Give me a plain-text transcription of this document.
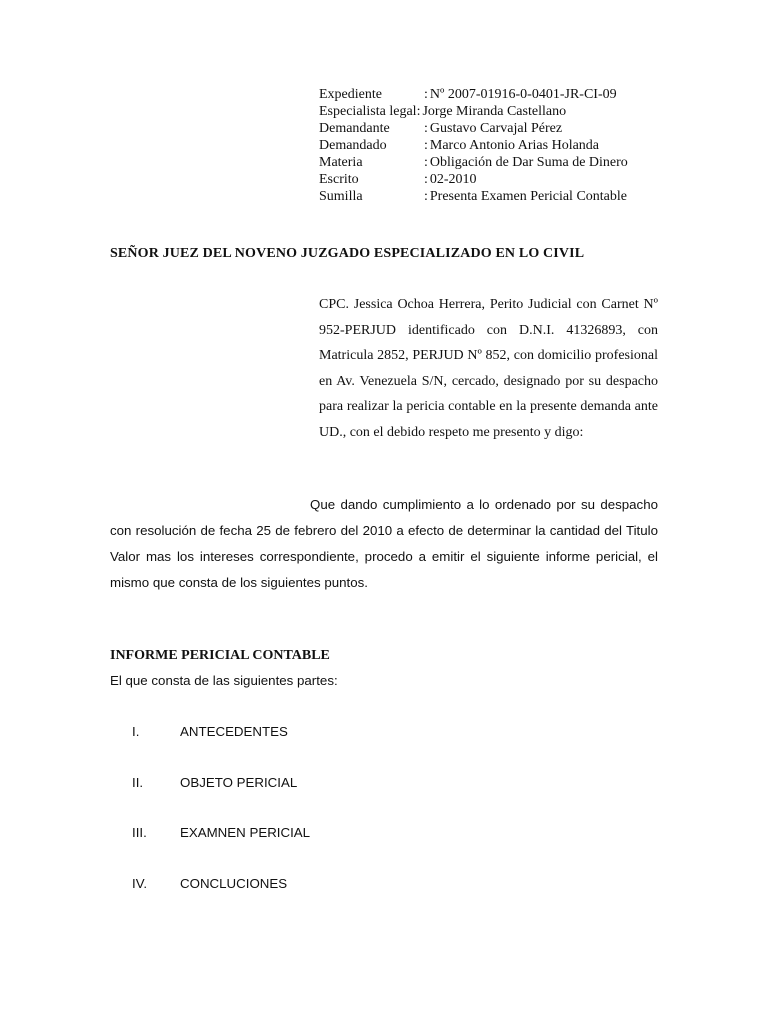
Expediente	: Nº 2007-01916-0-0401-JR-CI-09
Especialista legal: Jorge Miranda Castellano
Demandante	: Gustavo Carvajal Pérez
Demandado	: Marco Antonio Arias Holanda
Materia	: Obligación de Dar Suma de Dinero
Escrito	: 02-2010
Sumilla	: Presenta Examen Pericial Contable
SEÑOR JUEZ DEL NOVENO JUZGADO ESPECIALIZADO EN LO CIVIL
CPC. Jessica Ochoa Herrera, Perito Judicial con Carnet Nº 952-PERJUD identificado con D.N.I. 41326893, con Matricula 2852, PERJUD Nº 852, con domicilio profesional en Av. Venezuela S/N, cercado, designado por su despacho para realizar la pericia contable en la presente demanda ante UD., con el debido respeto me presento y digo:
Que dando cumplimiento a lo ordenado por su despacho con resolución de fecha 25 de febrero del 2010 a efecto de determinar la cantidad del Titulo Valor mas los intereses correspondiente, procedo a emitir el siguiente informe pericial, el mismo que consta de los siguientes puntos.
INFORME PERICIAL CONTABLE
El que consta de las siguientes partes:
I.	ANTECEDENTES
II.	OBJETO PERICIAL
III.	EXAMNEN PERICIAL
IV.	CONCLUCIONES
